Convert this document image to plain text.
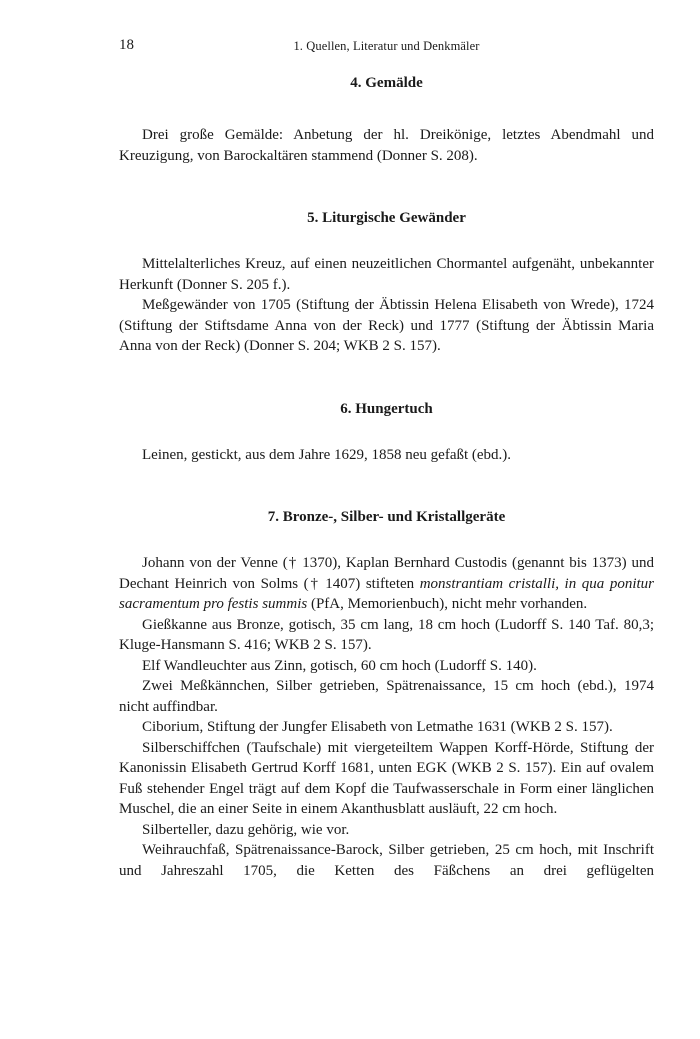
18	1. Quellen, Literatur und Denkmäler
4. Gemälde

Drei große Gemälde: Anbetung der hl. Dreikönige, letztes Abendmahl und Kreuzigung, von Barockaltären stammend (Donner S. 208).

5. Liturgische Gewänder

Mittelalterliches Kreuz, auf einen neuzeitlichen Chormantel aufgenäht, unbekannter Herkunft (Donner S. 205 f.).

Meßgewänder von 1705 (Stiftung der Äbtissin Helena Elisabeth von Wrede), 1724 (Stiftung der Stiftsdame Anna von der Reck) und 1777 (Stiftung der Äbtissin Maria Anna von der Reck) (Donner S. 204; WKB 2 S. 157).

6. Hungertuch

Leinen, gestickt, aus dem Jahre 1629, 1858 neu gefaßt (ebd.).

7. Bronze-, Silber- und Kristallgeräte

Johann von der Venne († 1370), Kaplan Bernhard Custodis (genannt bis 1373) und Dechant Heinrich von Solms († 1407) stifteten monstrantiam cristalli, in qua ponitur sacramentum pro festis summis (PfA, Memorienbuch), nicht mehr vorhanden.

Gießkanne aus Bronze, gotisch, 35 cm lang, 18 cm hoch (Ludorff S. 140 Taf. 80,3; Kluge-Hansmann S. 416; WKB 2 S. 157).

Elf Wandleuchter aus Zinn, gotisch, 60 cm hoch (Ludorff S. 140).

Zwei Meßkännchen, Silber getrieben, Spätrenaissance, 15 cm hoch (ebd.), 1974 nicht auffindbar.

Ciborium, Stiftung der Jungfer Elisabeth von Letmathe 1631 (WKB 2 S. 157).

Silberschiffchen (Taufschale) mit viergeteiltem Wappen Korff-Hörde, Stiftung der Kanonissin Elisabeth Gertrud Korff 1681, unten EGK (WKB 2 S. 157). Ein auf ovalem Fuß stehender Engel trägt auf dem Kopf die Taufwasserschale in Form einer länglichen Muschel, die an einer Seite in einem Akanthusblatt ausläuft, 22 cm hoch.

Silberteller, dazu gehörig, wie vor.

Weihrauchfaß, Spätrenaissance-Barock, Silber getrieben, 25 cm hoch, mit Inschrift und Jahreszahl 1705, die Ketten des Fäßchens an drei geflügelten
